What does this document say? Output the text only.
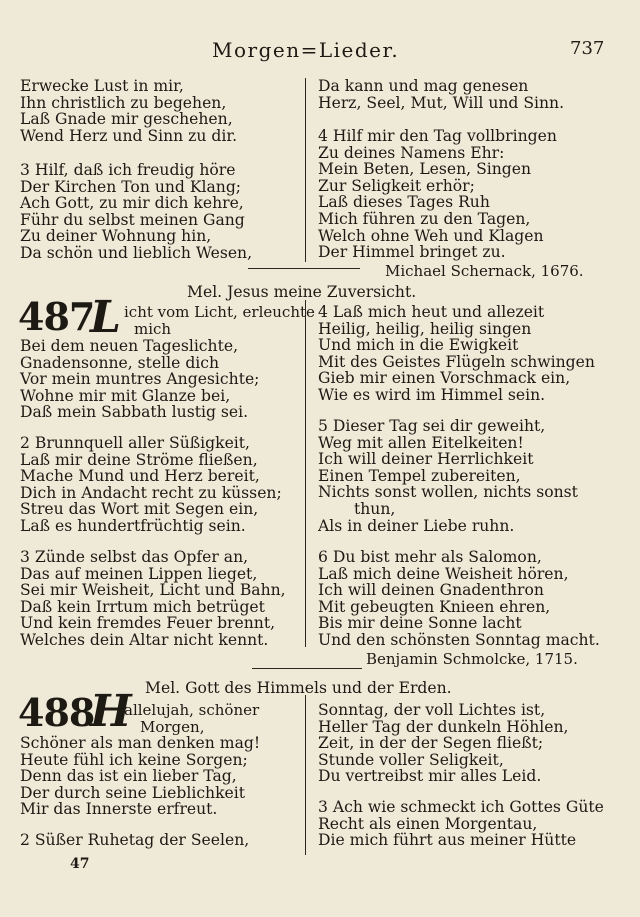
Morgen=Lieder.	737
Erwecke Lust in mir,
Ihn christlich zu begehen,
Laß Gnade mir geschehen,
Wend Herz und Sinn zu dir.
3 Hilf, daß ich freudig höre
Der Kirchen Ton und Klang;
Ach Gott, zu mir dich kehre,
Führ du selbst meinen Gang
Zu deiner Wohnung hin,
Da schön und lieblich Wesen,
Da kann und mag genesen
Herz, Seel, Mut, Will und Sinn.
4 Hilf mir den Tag vollbringen
Zu deines Namens Ehr:
Mein Beten, Lesen, Singen
Zur Seligkeit erhör;
Laß dieses Tages Ruh
Mich führen zu den Tagen,
Welch ohne Weh und Klagen
Der Himmel bringet zu.
Michael Schernack, 1676.
Mel. Jesus meine Zuversicht.
487
L icht vom Licht, erleuchte
mich
Bei dem neuen Tageslichte,
Gnadensonne, stelle dich
Vor mein muntres Angesichte;
Wohne mir mit Glanze bei,
Daß mein Sabbath lustig sei.
2 Brunnquell aller Süßigkeit,
Laß mir deine Ströme fließen,
Mache Mund und Herz bereit,
Dich in Andacht recht zu küssen;
Streu das Wort mit Segen ein,
Laß es hundertfrüchtig sein.
3 Zünde selbst das Opfer an,
Das auf meinen Lippen lieget,
Sei mir Weisheit, Licht und Bahn,
Daß kein Irrtum mich betrüget
Und kein fremdes Feuer brennt,
Welches dein Altar nicht kennt.
4 Laß mich heut und allezeit
Heilig, heilig, heilig singen
Und mich in die Ewigkeit
Mit des Geistes Flügeln schwingen
Gieb mir einen Vorschmack ein,
Wie es wird im Himmel sein.
5 Dieser Tag sei dir geweiht,
Weg mit allen Eitelkeiten!
Ich will deiner Herrlichkeit
Einen Tempel zubereiten,
Nichts sonst wollen, nichts sonst
thun,
Als in deiner Liebe ruhn.
6 Du bist mehr als Salomon,
Laß mich deine Weisheit hören,
Ich will deinen Gnadenthron
Mit gebeugten Knieen ehren,
Bis mir deine Sonne lacht
Und den schönsten Sonntag macht.
Benjamin Schmolcke, 1715.
Mel. Gott des Himmels und der Erden.
488
H
allelujah, schöner
Morgen,
Schöner als man denken mag!
Heute fühl ich keine Sorgen;
Denn das ist ein lieber Tag,
Der durch seine Lieblichkeit
Mir das Innerste erfreut.
2 Süßer Ruhetag der Seelen,
Sonntag, der voll Lichtes ist,
Heller Tag der dunkeln Höhlen,
Zeit, in der der Segen fließt;
Stunde voller Seligkeit,
Du vertreibst mir alles Leid.
3 Ach wie schmeckt ich Gottes Güte
Recht als einen Morgentau,
Die mich führt aus meiner Hütte
47
